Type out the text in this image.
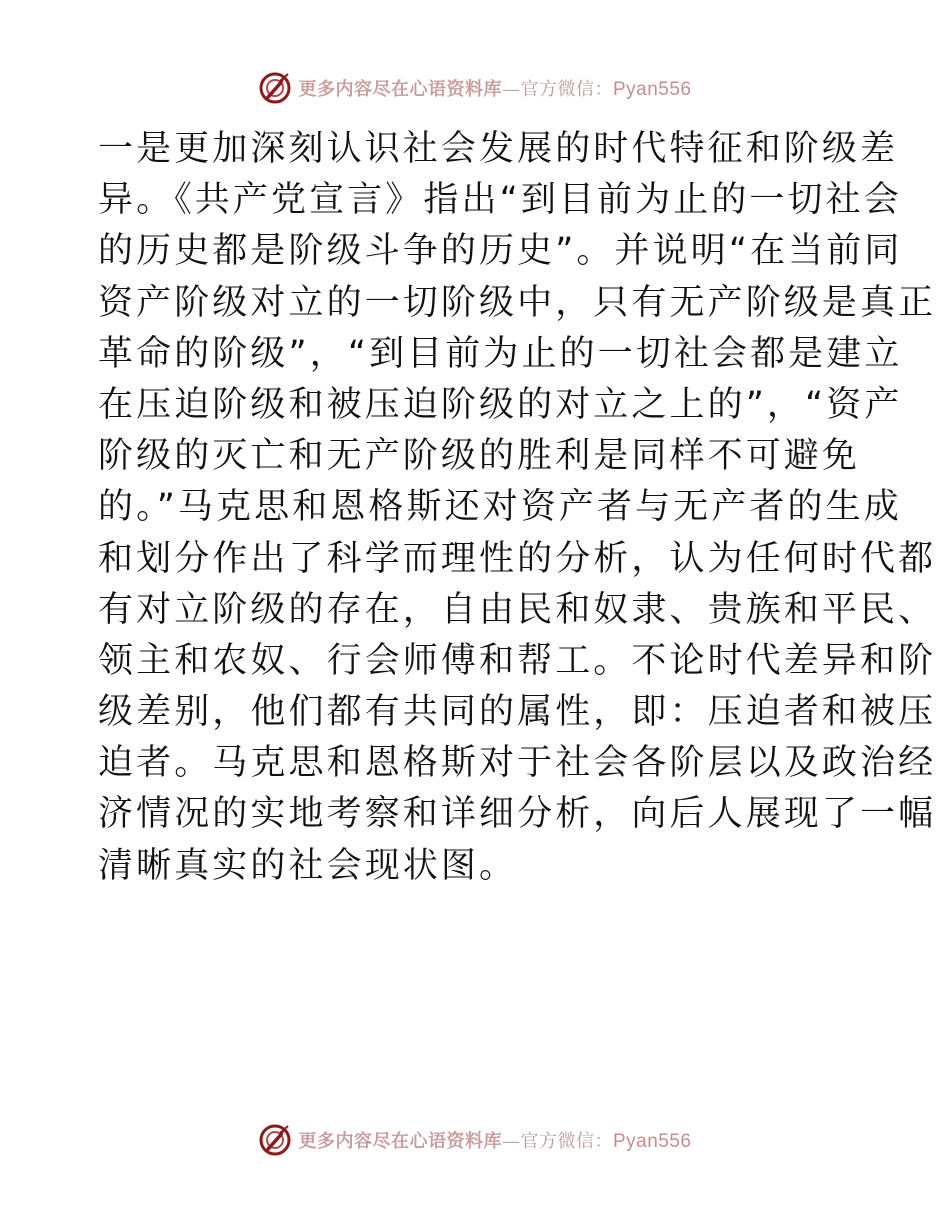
更多内容尽在心语资料库—官方微信：Pyan556
一是更加深刻认识社会发展的时代特征和阶级差
异。《共产党宣言》指出“到目前为止的一切社会
的历史都是阶级斗争的历史”。并说明“在当前同
资产阶级对立的一切阶级中，只有无产阶级是真正
革命的阶级”，“到目前为止的一切社会都是建立
在压迫阶级和被压迫阶级的对立之上的”，“资产
阶级的灭亡和无产阶级的胜利是同样不可避免
的。”马克思和恩格斯还对资产者与无产者的生成
和划分作出了科学而理性的分析，认为任何时代都
有对立阶级的存在，自由民和奴隶、贵族和平民、
领主和农奴、行会师傅和帮工。不论时代差异和阶
级差别，他们都有共同的属性，即：压迫者和被压
迫者。马克思和恩格斯对于社会各阶层以及政治经
济情况的实地考察和详细分析，向后人展现了一幅
清晰真实的社会现状图。
更多内容尽在心语资料库—官方微信：Pyan556
